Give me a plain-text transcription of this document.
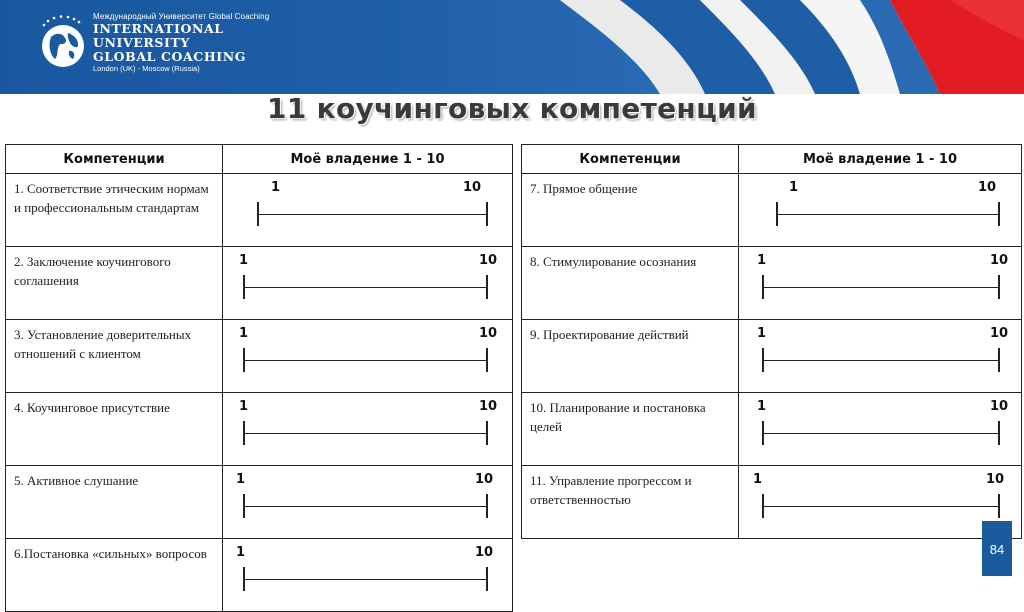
Международный Университет Global Coaching
INTERNATIONAL
UNIVERSITY
GLOBAL COACHING
London (UK) - Moscow (Russia)
11 коучинговых компетенций
Компетенции	Моё владение 1 - 10
1. Соответствие этическим нормам и профессиональным стандартам	1 10

2. Заключение коучингового соглашения	1 10

3. Установление доверительных отношений с клиентом	1 10

4. Коучинговое присутствие	1 10

5. Активное слушание	1 10

6.Постановка «сильных» вопросов	1 10
Компетенции	Моё владение 1 - 10
7. Прямое общение	1 10

8. Стимулирование осознания	1 10

9. Проектирование действий	1 10

10. Планирование и постановка целей	1 10

11. Управление прогрессом и ответственностью	1 10
84
